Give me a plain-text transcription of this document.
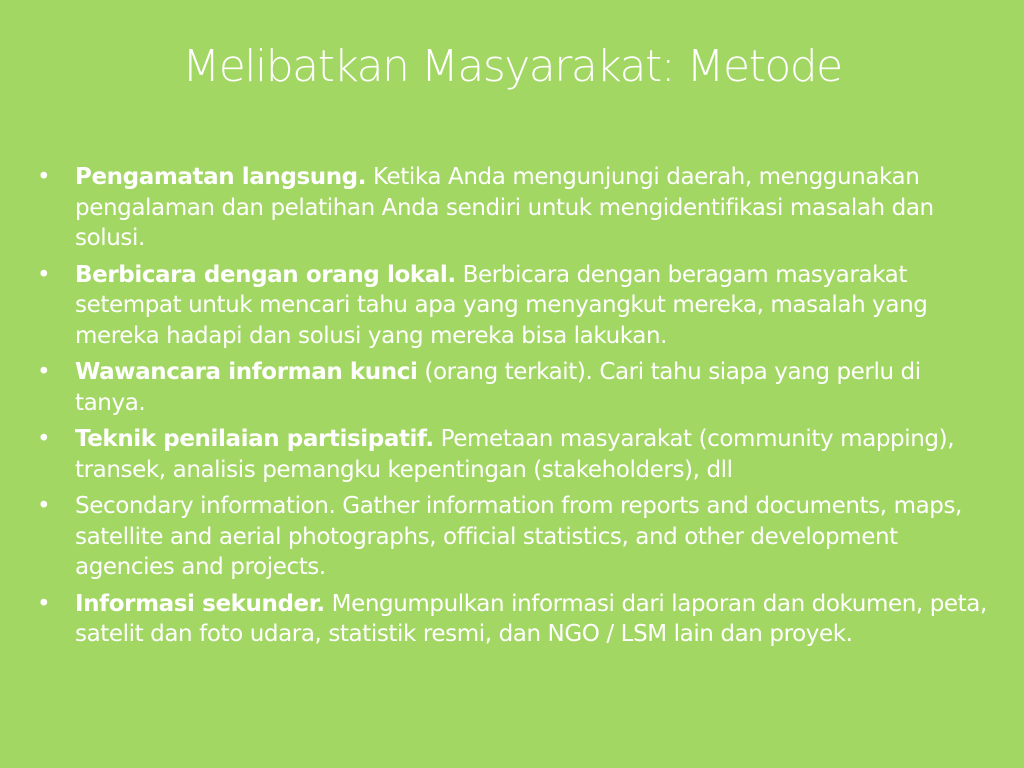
Melibatkan Masyarakat: Metode
• Pengamatan langsung. Ketika Anda mengunjungi daerah, menggunakan pengalaman dan pelatihan Anda sendiri untuk mengidentifikasi masalah dan solusi.
• Berbicara dengan orang lokal. Berbicara dengan beragam masyarakat setempat untuk mencari tahu apa yang menyangkut mereka, masalah yang mereka hadapi dan solusi yang mereka bisa lakukan.
• Wawancara informan kunci (orang terkait). Cari tahu siapa yang perlu di tanya.
• Teknik penilaian partisipatif. Pemetaan masyarakat (community mapping), transek, analisis pemangku kepentingan (stakeholders), dll
• Secondary information. Gather information from reports and documents, maps, satellite and aerial photographs, official statistics, and other development agencies and projects.
• Informasi sekunder. Mengumpulkan informasi dari laporan dan dokumen, peta, satelit dan foto udara, statistik resmi, dan NGO / LSM lain dan proyek.
